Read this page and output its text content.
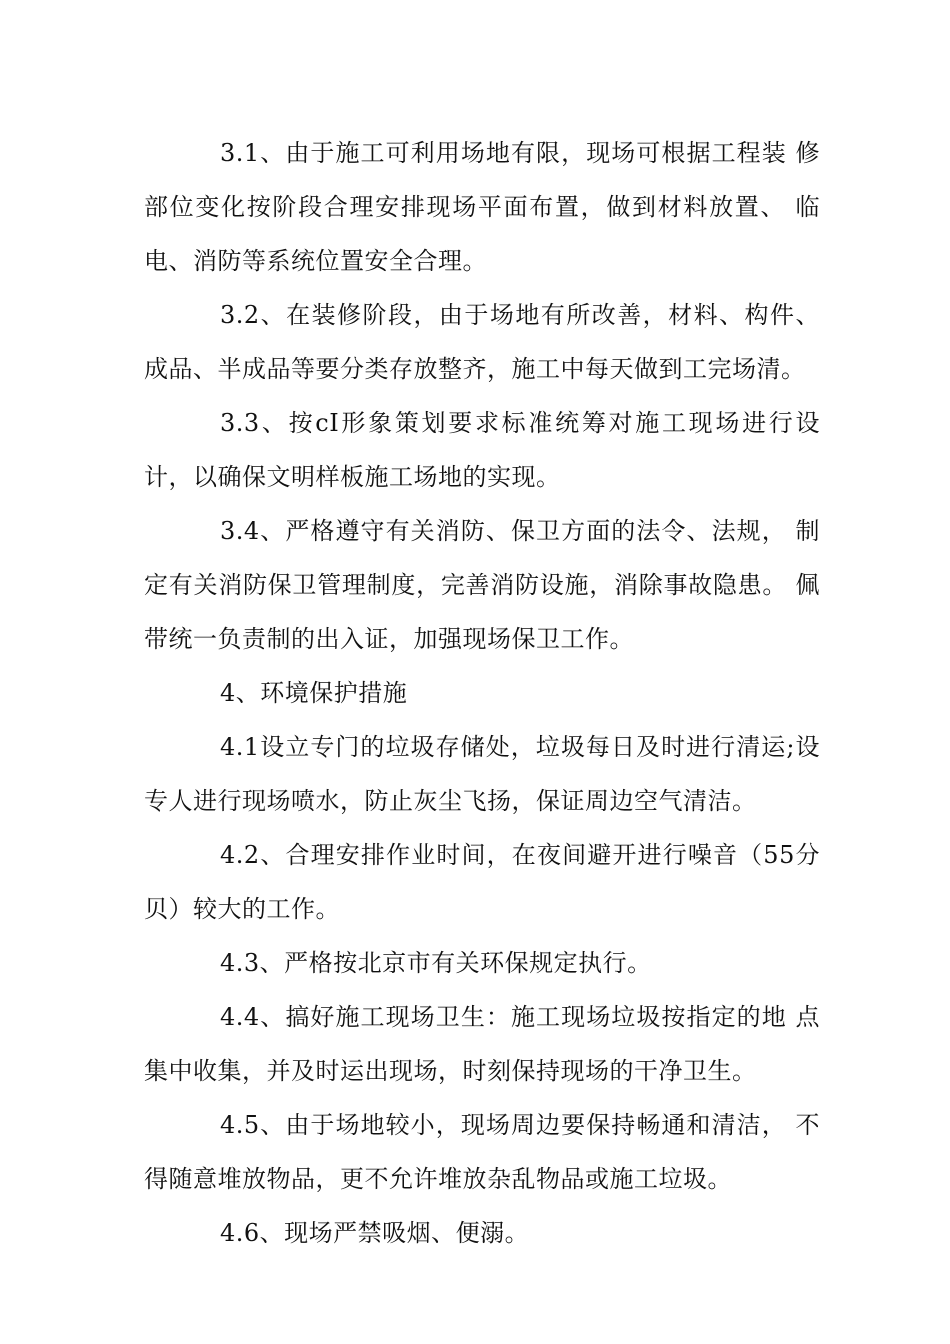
3.1、由于施工可利用场地有限，现场可根据工程装 修部位变化按阶段合理安排现场平面布置，做到材料放置、 临电、消防等系统位置安全合理。

3.2、在装修阶段，由于场地有所改善，材料、构件、成品、半成品等要分类存放整齐，施工中每天做到工完场清。

3.3、按cI形象策划要求标准统筹对施工现场进行设计，以确保文明样板施工场地的实现。

3.4、严格遵守有关消防、保卫方面的法令、法规， 制定有关消防保卫管理制度，完善消防设施，消除事故隐患。 佩带统一负责制的出入证，加强现场保卫工作。

4、环境保护措施

4.1设立专门的垃圾存储处，垃圾每日及时进行清运;设专人进行现场喷水，防止灰尘飞扬，保证周边空气清洁。

4.2、合理安排作业时间，在夜间避开进行噪音（55分贝）较大的工作。

4.3、严格按北京市有关环保规定执行。

4.4、搞好施工现场卫生：施工现场垃圾按指定的地 点集中收集，并及时运出现场，时刻保持现场的干净卫生。

4.5、由于场地较小，现场周边要保持畅通和清洁， 不得随意堆放物品，更不允许堆放杂乱物品或施工垃圾。

4.6、现场严禁吸烟、便溺。
